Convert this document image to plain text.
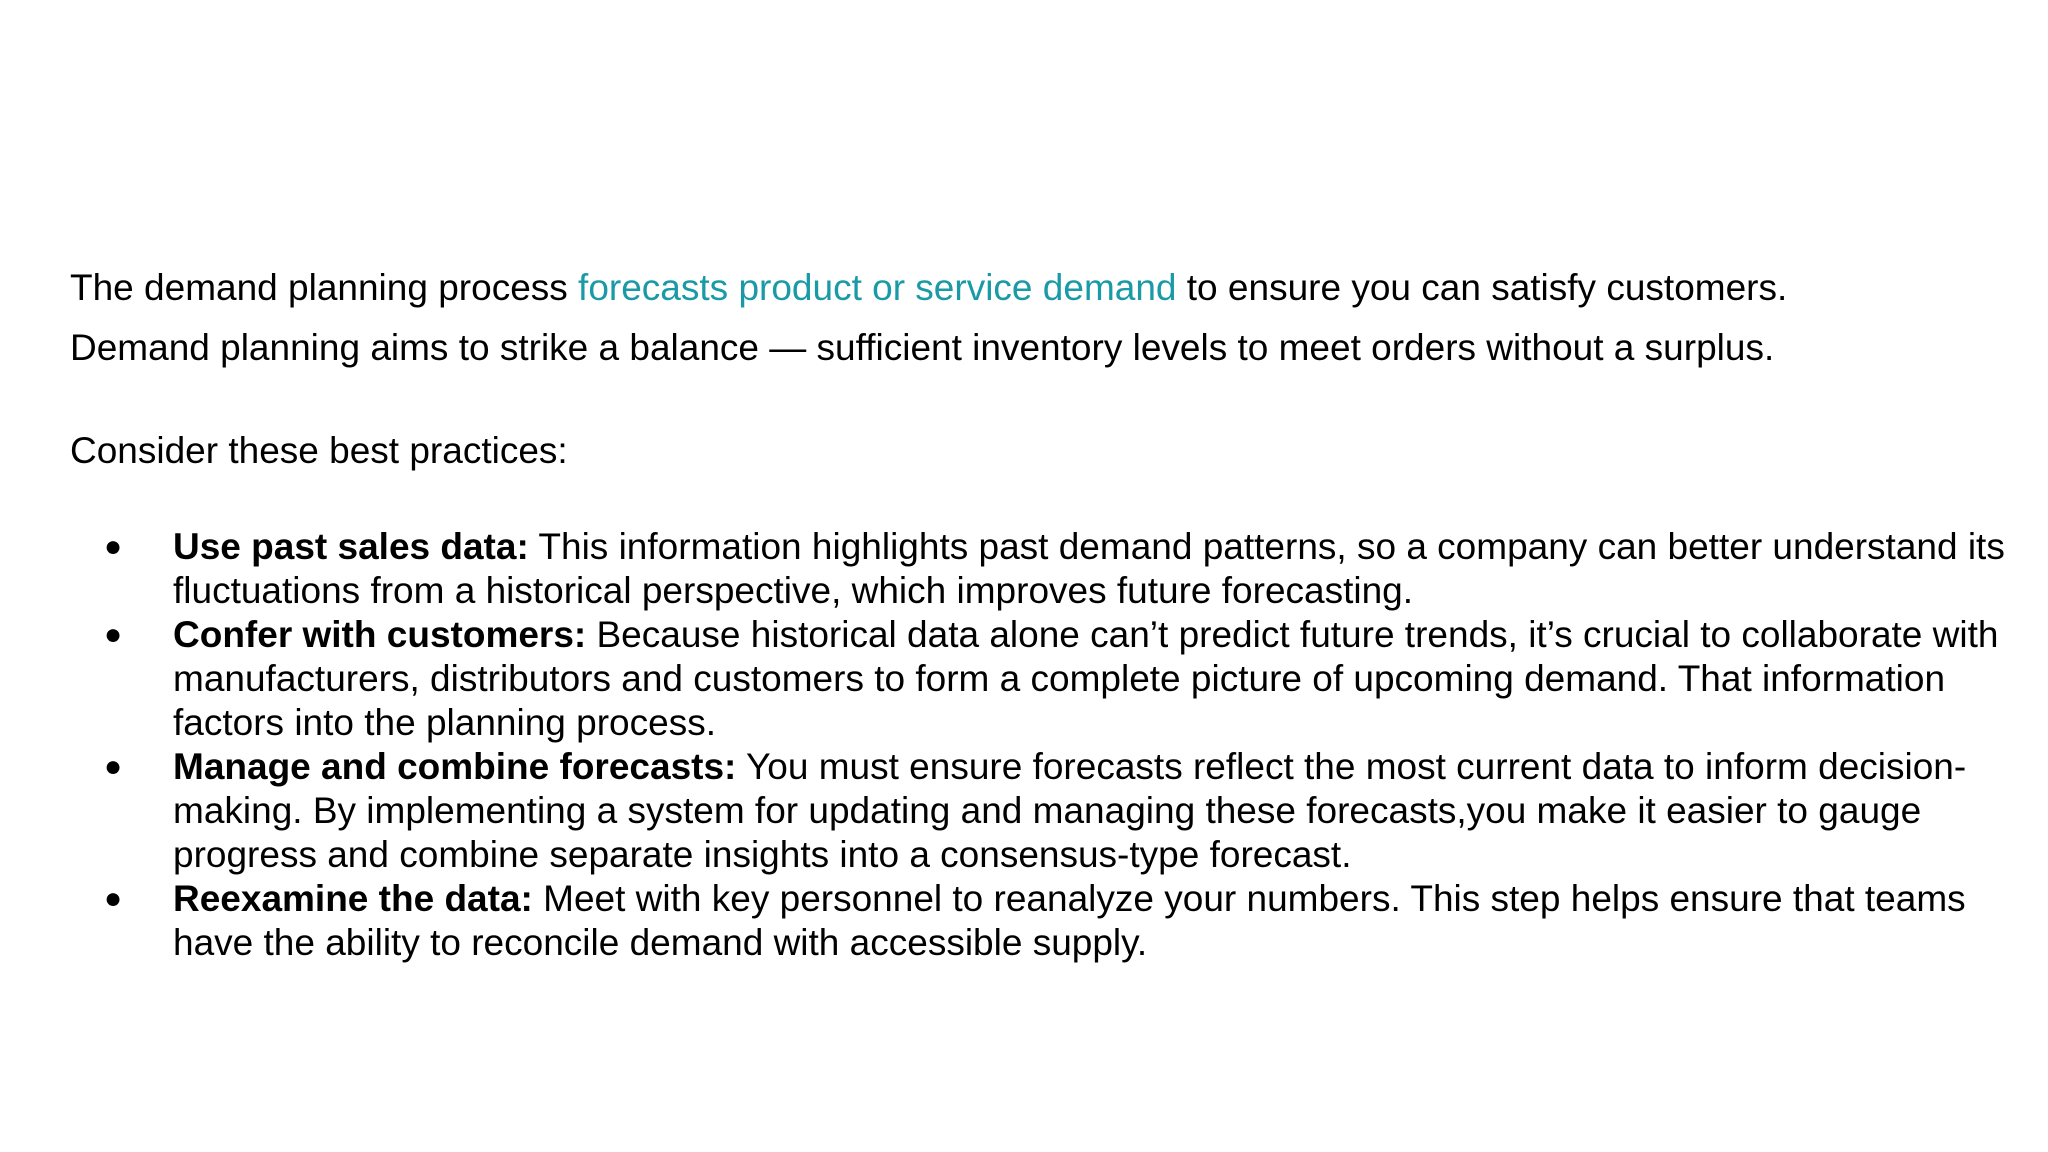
The demand planning process forecasts product or service demand to ensure you can satisfy customers.

Demand planning aims to strike a balance — sufficient inventory levels to meet orders without a surplus.

Consider these best practices:

● Use past sales data: This information highlights past demand patterns, so a company can better understand its fluctuations from a historical perspective, which improves future forecasting.
● Confer with customers: Because historical data alone can’t predict future trends, it’s crucial to collaborate with manufacturers, distributors and customers to form a complete picture of upcoming demand. That information factors into the planning process.
● Manage and combine forecasts: You must ensure forecasts reflect the most current data to inform decision-making. By implementing a system for updating and managing these forecasts,you make it easier to gauge progress and combine separate insights into a consensus-type forecast.
● Reexamine the data: Meet with key personnel to reanalyze your numbers. This step helps ensure that teams have the ability to reconcile demand with accessible supply.
